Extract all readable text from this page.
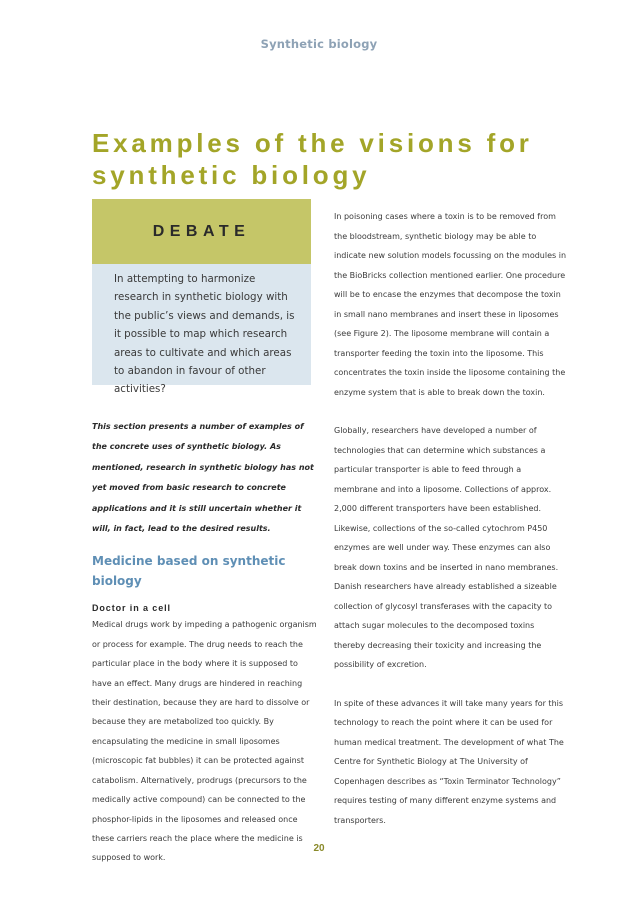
Synthetic biology
Examples of the visions for synthetic biology
DEBATE
In attempting to harmonize research in synthetic biology with the public’s views and demands, is it possible to map which research areas to cultivate and which areas to abandon in favour of other activities?

This section presents a number of examples of the concrete uses of synthetic biology. As mentioned, research in synthetic biology has not yet moved from basic research to concrete applications and it is still uncertain whether it will, in fact, lead to the desired results.

Medicine based on synthetic biology
Doctor in a cell

Medical drugs work by impeding a pathogenic organism or process for example. The drug needs to reach the particular place in the body where it is supposed to have an effect. Many drugs are hindered in reaching their destination, because they are hard to dissolve or because they are metabolized too quickly. By encapsulating the medicine in small liposomes (microscopic fat bubbles) it can be protected against catabolism. Alternatively, prodrugs (precursors to the medically active compound) can be connected to the phosphor-lipids in the liposomes and released once these carriers reach the place where the medicine is supposed to work.

In poisoning cases where a toxin is to be removed from the bloodstream, synthetic biology may be able to indicate new solution models focussing on the modules in the BioBricks collection mentioned earlier. One procedure will be to encase the enzymes that decompose the toxin in small nano membranes and insert these in liposomes (see Figure 2). The liposome membrane will contain a transporter feeding the toxin into the liposome. This concentrates the toxin inside the liposome containing the enzyme system that is able to break down the toxin.

Globally, researchers have developed a number of technologies that can determine which substances a particular transporter is able to feed through a membrane and into a liposome. Collections of approx. 2,000 different transporters have been established. Likewise, collections of the so-called cytochrom P450 enzymes are well under way. These enzymes can also break down toxins and be inserted in nano membranes. Danish researchers have already established a sizeable collection of glycosyl transferases with the capacity to attach sugar molecules to the decomposed toxins thereby decreasing their toxicity and increasing the possibility of excretion.

In spite of these advances it will take many years for this technology to reach the point where it can be used for human medical treatment. The development of what The Centre for Synthetic Biology at The University of Copenhagen describes as “Toxin Terminator Technology” requires testing of many different enzyme systems and transporters.

20
